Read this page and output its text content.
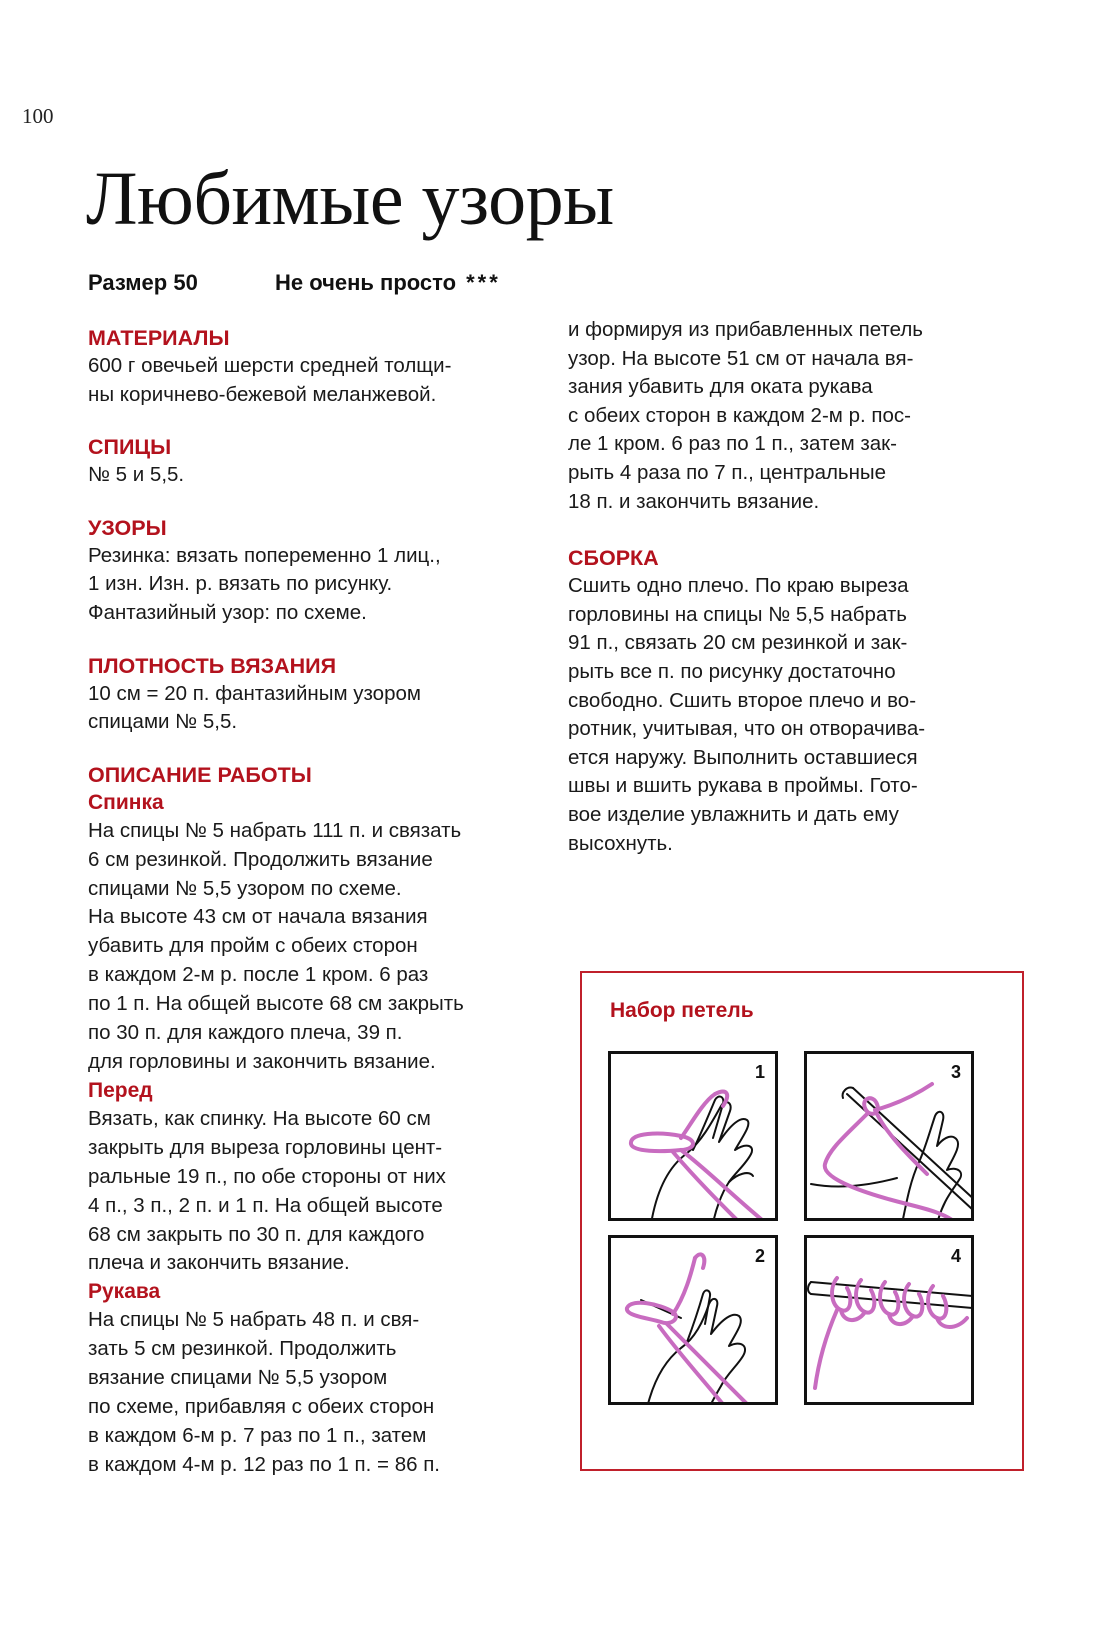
100
Любимые узоры
Размер 50	Не очень просто ***
МАТЕРИАЛЫ
600 г овечьей шерсти средней толщи-
ны коричнево-бежевой меланжевой.
СПИЦЫ
№ 5 и 5,5.
УЗОРЫ
Резинка: вязать попеременно 1 лиц.,
1 изн. Изн. р. вязать по рисунку.
Фантазийный узор: по схеме.
ПЛОТНОСТЬ ВЯЗАНИЯ
10 см = 20 п. фантазийным узором
спицами № 5,5.
ОПИСАНИЕ РАБОТЫ
Спинка
На спицы № 5 набрать 111 п. и связать
6 см резинкой. Продолжить вязание
спицами № 5,5 узором по схеме.
На высоте 43 см от начала вязания
убавить для пройм с обеих сторон
в каждом 2-м р. после 1 кром. 6 раз
по 1 п. На общей высоте 68 см закрыть
по 30 п. для каждого плеча, 39 п.
для горловины и закончить вязание.
Перед
Вязать, как спинку. На высоте 60 см
закрыть для выреза горловины цент-
ральные 19 п., по обе стороны от них
4 п., 3 п., 2 п. и 1 п. На общей высоте
68 см закрыть по 30 п. для каждого
плеча и закончить вязание.
Рукава
На спицы № 5 набрать 48 п. и свя-
зать 5 см резинкой. Продолжить
вязание спицами № 5,5 узором
по схеме, прибавляя с обеих сторон
в каждом 6-м р. 7 раз по 1 п., затем
в каждом 4-м р. 12 раз по 1 п. = 86 п.
и формируя из прибавленных петель
узор. На высоте 51 см от начала вя-
зания убавить для оката рукава
с обеих сторон в каждом 2-м р. пос-
ле 1 кром. 6 раз по 1 п., затем зак-
рыть 4 раза по 7 п., центральные
18 п. и закончить вязание.
СБОРКА
Сшить одно плечо. По краю выреза
горловины на спицы № 5,5 набрать
91 п., связать 20 см резинкой и зак-
рыть все п. по рисунку достаточно
свободно. Сшить второе плечо и во-
ротник, учитывая, что он отворачива-
ется наружу. Выполнить оставшиеся
швы и вшить рукава в проймы. Гото-
вое изделие увлажнить и дать ему
высохнуть.
Набор петель
1	3
2	4
